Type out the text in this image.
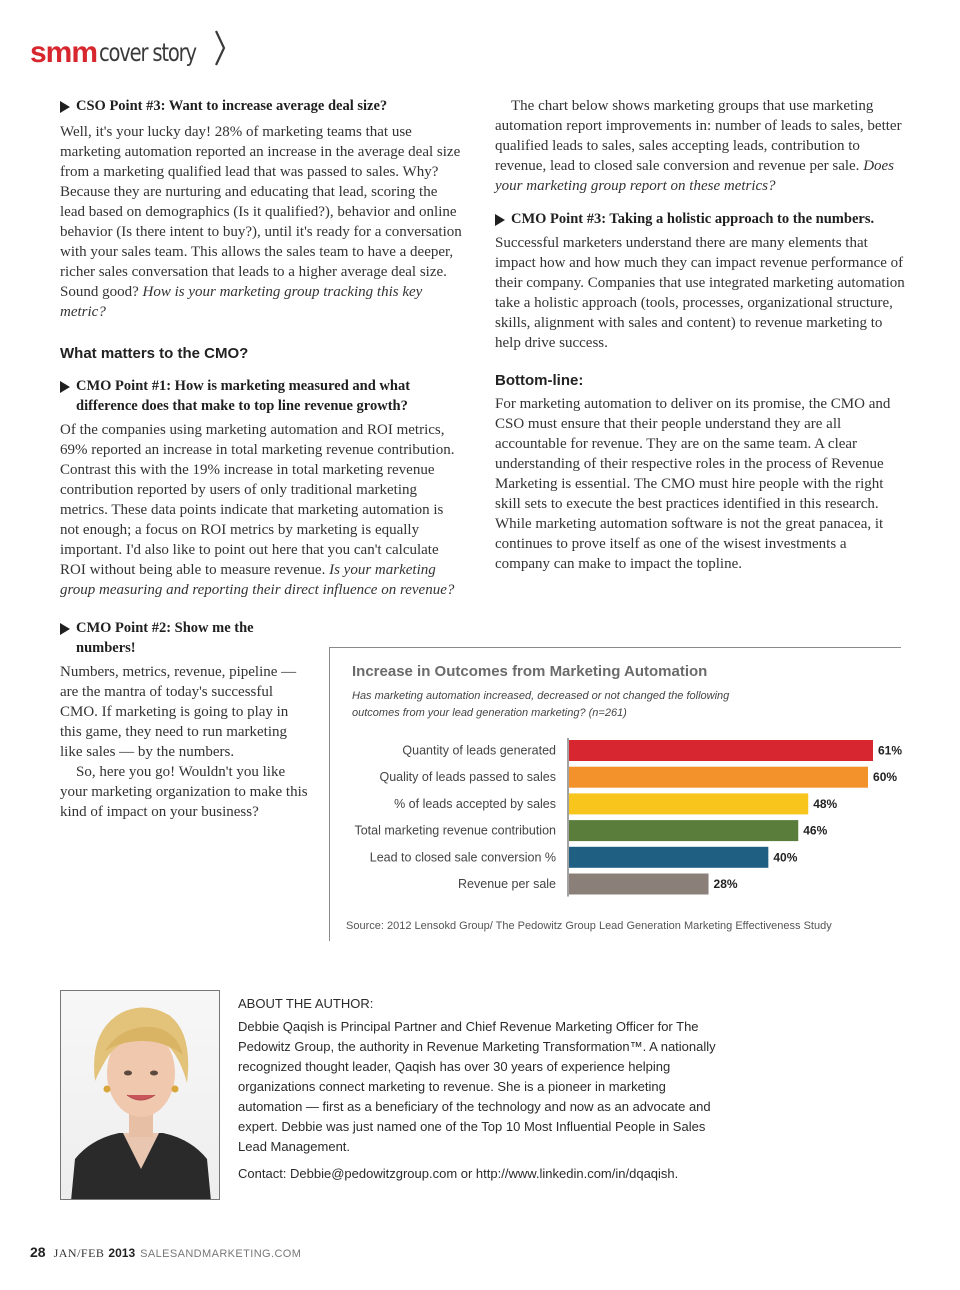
smm cover story
CSO Point #3: Want to increase average deal size?

Well, it's your lucky day! 28% of marketing teams that use marketing automation reported an increase in the average deal size from a marketing qualified lead that was passed to sales. Why? Because they are nurturing and educating that lead, scoring the lead based on demographics (Is it qualified?), behavior and online behavior (Is there intent to buy?), until it's ready for a conversation with your sales team. This allows the sales team to have a deeper, richer sales conversation that leads to a higher average deal size. Sound good? How is your marketing group tracking this key metric?

What matters to the CMO?
CMO Point #1: How is marketing measured and what difference does that make to top line revenue growth?

Of the companies using marketing automation and ROI metrics, 69% reported an increase in total marketing revenue contribution. Contrast this with the 19% increase in total marketing revenue contribution reported by users of only traditional marketing metrics. These data points indicate that marketing automation is not enough; a focus on ROI metrics by marketing is equally important. I'd also like to point out here that you can't calculate ROI without being able to measure revenue. Is your marketing group measuring and reporting their direct influence on revenue?

CMO Point #2: Show me the numbers!

Numbers, metrics, revenue, pipeline — are the mantra of today's successful CMO. If marketing is going to play in this game, they need to run marketing like sales — by the numbers.

So, here you go! Wouldn't you like your marketing organization to make this kind of impact on your business?

The chart below shows marketing groups that use marketing automation report improvements in: number of leads to sales, better qualified leads to sales, sales accepting leads, contribution to revenue, lead to closed sale conversion and revenue per sale. Does your marketing group report on these metrics?

CMO Point #3: Taking a holistic approach to the numbers.

Successful marketers understand there are many elements that impact how and how much they can impact revenue performance of their company. Companies that use integrated marketing automation take a holistic approach (tools, processes, organizational structure, skills, alignment with sales and content) to revenue marketing to help drive success.

Bottom-line:

For marketing automation to deliver on its promise, the CMO and CSO must ensure that their people understand they are all accountable for revenue. They are on the same team. A clear understanding of their respective roles in the process of Revenue Marketing is essential. The CMO must hire people with the right skill sets to execute the best practices identified in this research. While marketing automation software is not the great panacea, it continues to prove itself as one of the wisest investments a company can make to impact the topline.

Increase in Outcomes from Marketing Automation
Has marketing automation increased, decreased or not changed the following outcomes from your lead generation marketing? (n=261)
Quantity of leads generated	61%
Quality of leads passed to sales	60%
% of leads accepted by sales	48%
Total marketing revenue contribution	46%
Lead to closed sale conversion %	40%
Revenue per sale	28%
Source: 2012 Lensokd Group/ The Pedowitz Group Lead Generation Marketing Effectiveness Study
ABOUT THE AUTHOR:

Debbie Qaqish is Principal Partner and Chief Revenue Marketing Officer for The Pedowitz Group, the authority in Revenue Marketing Transformation™. A nationally recognized thought leader, Qaqish has over 30 years of experience helping organizations connect marketing to revenue. She is a pioneer in marketing automation — first as a beneficiary of the technology and now as an advocate and expert. Debbie was just named one of the Top 10 Most Influential People in Sales Lead Management.

Contact: Debbie@pedowitzgroup.com or http://www.linkedin.com/in/dqaqish.

28 JAN/FEB 2013 SALESANDMARKETING.COM
